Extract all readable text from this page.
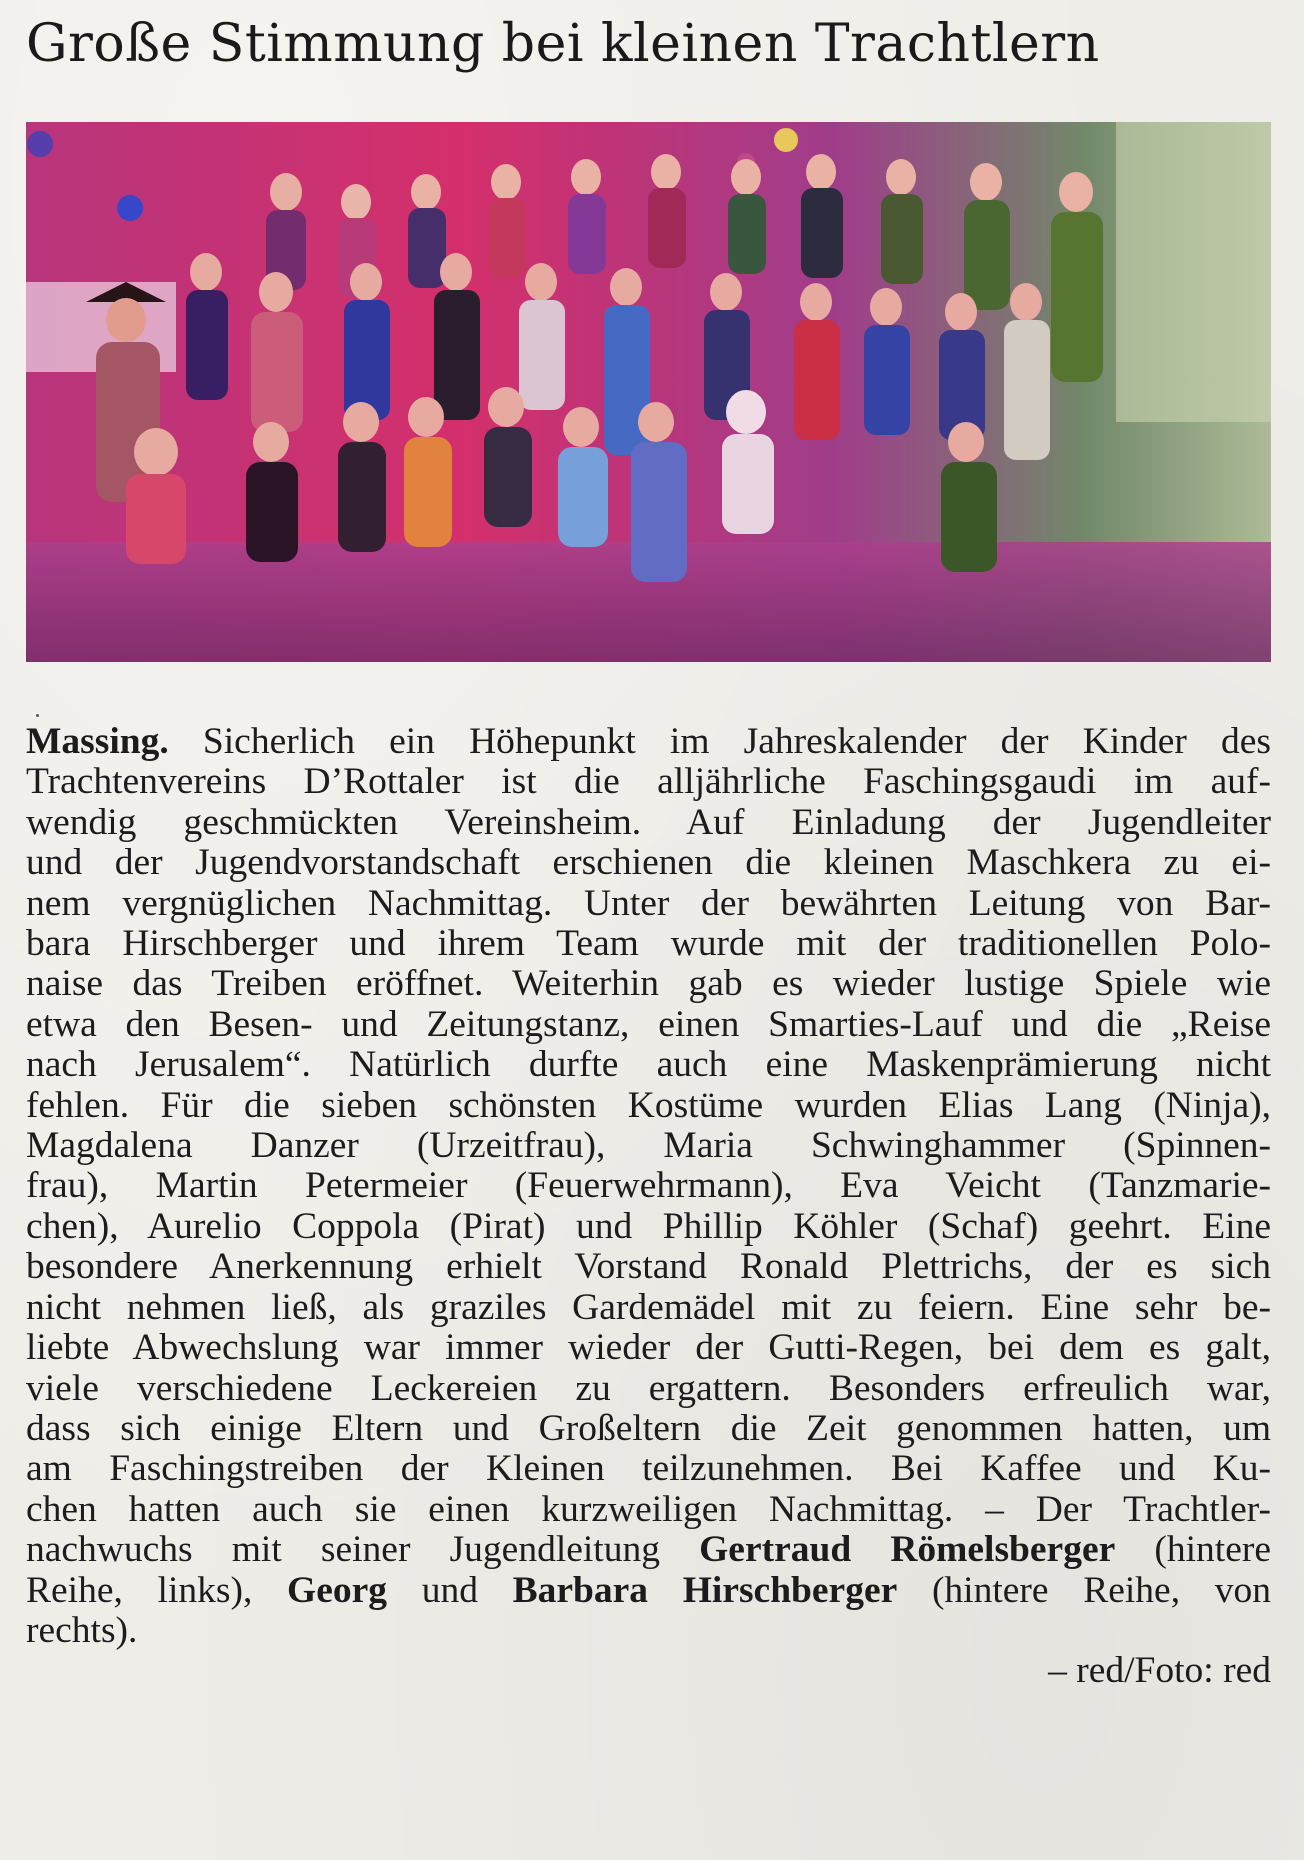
Große Stimmung bei kleinen Trachtlern
Massing. Sicherlich ein Höhepunkt im Jahreskalender der Kinder des
Trachtenvereins D’Rottaler ist die alljährliche Faschingsgaudi im auf-
wendig geschmückten Vereinsheim. Auf Einladung der Jugendleiter
und der Jugendvorstandschaft erschienen die kleinen Maschkera zu ei-
nem vergnüglichen Nachmittag. Unter der bewährten Leitung von Bar-
bara Hirschberger und ihrem Team wurde mit der traditionellen Polo-
naise das Treiben eröffnet. Weiterhin gab es wieder lustige Spiele wie
etwa den Besen- und Zeitungstanz, einen Smarties-Lauf und die „Reise
nach Jerusalem“. Natürlich durfte auch eine Maskenprämierung nicht
fehlen. Für die sieben schönsten Kostüme wurden Elias Lang (Ninja),
Magdalena Danzer (Urzeitfrau), Maria Schwinghammer (Spinnen-
frau), Martin Petermeier (Feuerwehrmann), Eva Veicht (Tanzmarie-
chen), Aurelio Coppola (Pirat) und Phillip Köhler (Schaf) geehrt. Eine
besondere Anerkennung erhielt Vorstand Ronald Plettrichs, der es sich
nicht nehmen ließ, als graziles Gardemädel mit zu feiern. Eine sehr be-
liebte Abwechslung war immer wieder der Gutti-Regen, bei dem es galt,
viele verschiedene Leckereien zu ergattern. Besonders erfreulich war,
dass sich einige Eltern und Großeltern die Zeit genommen hatten, um
am Faschingstreiben der Kleinen teilzunehmen. Bei Kaffee und Ku-
chen hatten auch sie einen kurzweiligen Nachmittag. – Der Trachtler-
nachwuchs mit seiner Jugendleitung Gertraud Römelsberger (hintere
Reihe, links), Georg und Barbara Hirschberger (hintere Reihe, von
rechts).
– red/Foto: red
